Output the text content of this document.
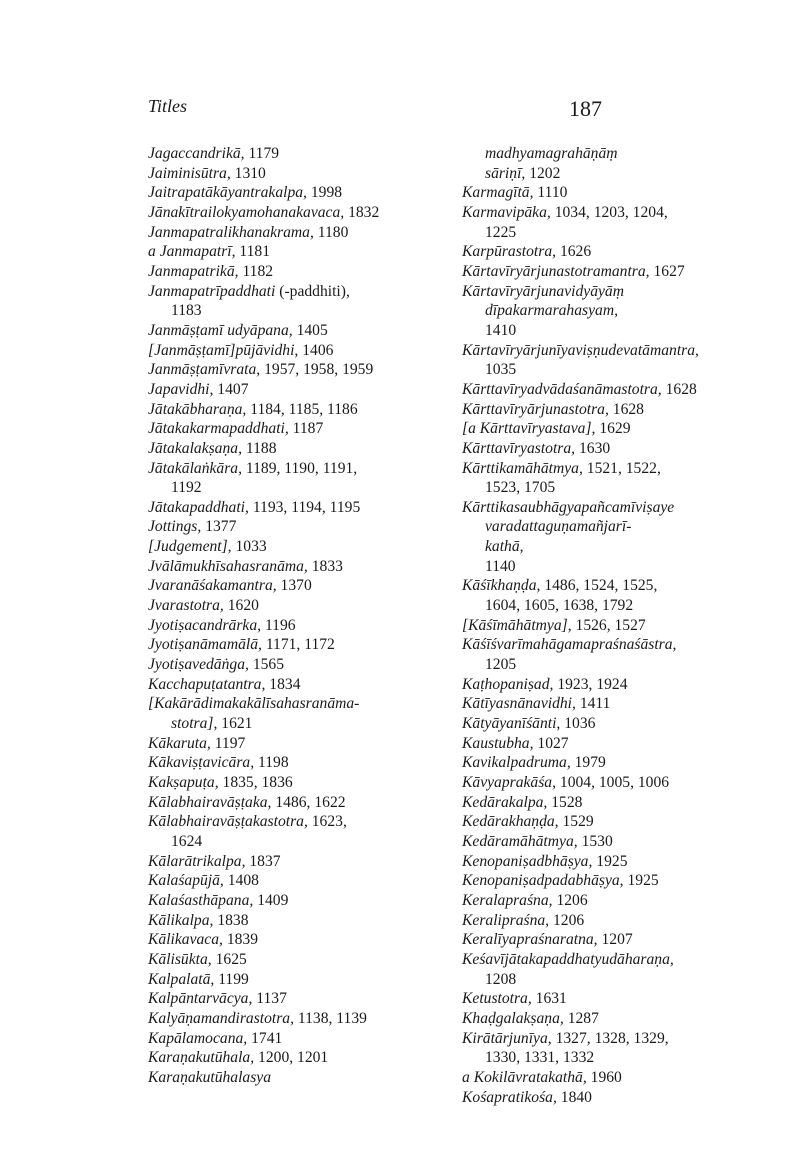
Titles	187
Jagaccandrikā, 1179
Jaiminisūtra, 1310
Jaitrapatākāyantrakalpa, 1998
Jānakītrailokyamohanakavaca, 1832
Janmapatralikhanakrama, 1180
a Janmapatrī, 1181
Janmapatrikā, 1182
Janmapatrīpaddhati (-paddhiti),
1183
Janmāṣṭamī udyāpana, 1405
[Janmāṣṭamī]pūjāvidhi, 1406
Janmāṣṭamīvrata, 1957, 1958, 1959
Japavidhi, 1407
Jātakābharaṇa, 1184, 1185, 1186
Jātakakarmapaddhati, 1187
Jātakalakṣaṇa, 1188
Jātakālaṅkāra, 1189, 1190, 1191,
1192
Jātakapaddhati, 1193, 1194, 1195
Jottings, 1377
[Judgement], 1033
Jvālāmukhīsahasranāma, 1833
Jvaranāśakamantra, 1370
Jvarastotra, 1620
Jyotiṣacandrārka, 1196
Jyotiṣanāmamālā, 1171, 1172
Jyotiṣavedāṅga, 1565
Kacchapuṭatantra, 1834
[Kakārādimakakālīsahasranāma-
stotra], 1621
Kākaruta, 1197
Kākaviṣṭavicāra, 1198
Kakṣapuṭa, 1835, 1836
Kālabhairavāṣṭaka, 1486, 1622
Kālabhairavāṣṭakastotra, 1623,
1624
Kālarātrikalpa, 1837
Kalaśapūjā, 1408
Kalaśasthāpana, 1409
Kālikalpa, 1838
Kālikavaca, 1839
Kālisūkta, 1625
Kalpalatā, 1199
Kalpāntarvācya, 1137
Kalyāṇamandirastotra, 1138, 1139
Kapālamocana, 1741
Karaṇakutūhala, 1200, 1201
Karaṇakutūhalasya
madhyamagrahāṇāṃ
sāriṇī, 1202
Karmagītā, 1110
Karmavipāka, 1034, 1203, 1204,
1225
Karpūrastotra, 1626
Kārtavīryārjunastotramantra, 1627
Kārtavīryārjunavidyāyāṃ
dīpakarmarahasyam,
1410
Kārtavīryārjunīyaviṣṇudevatāmantra,
1035
Kārttavīryadvādaśanāmastotra, 1628
Kārttavīryārjunastotra, 1628
[a Kārttavīryastava], 1629
Kārttavīryastotra, 1630
Kārttikamāhātmya, 1521, 1522,
1523, 1705
Kārttikasaubhāgyapañcamīviṣaye
varadattaguṇamañjarī-
kathā,
1140
Kāśīkhaṇḍa, 1486, 1524, 1525,
1604, 1605, 1638, 1792
[Kāśīmāhātmya], 1526, 1527
Kāśīśvarīmahāgamapraśnaśāstra,
1205
Kaṭhopaniṣad, 1923, 1924
Kātīyasnānavidhi, 1411
Kātyāyanīśānti, 1036
Kaustubha, 1027
Kavikalpadruma, 1979
Kāvyaprakāśa, 1004, 1005, 1006
Kedārakalpa, 1528
Kedārakhaṇḍa, 1529
Kedāramāhātmya, 1530
Kenopaniṣadbhāṣya, 1925
Kenopaniṣadpadabhāṣya, 1925
Keralapraśna, 1206
Keralipraśna, 1206
Keralīyapraśnaratna, 1207
Keśavījātakapaddhatyudāharaṇa,
1208
Ketustotra, 1631
Khaḍgalakṣaṇa, 1287
Kirātārjunīya, 1327, 1328, 1329,
1330, 1331, 1332
a Kokilāvratakathā, 1960
Kośapratikośa, 1840
